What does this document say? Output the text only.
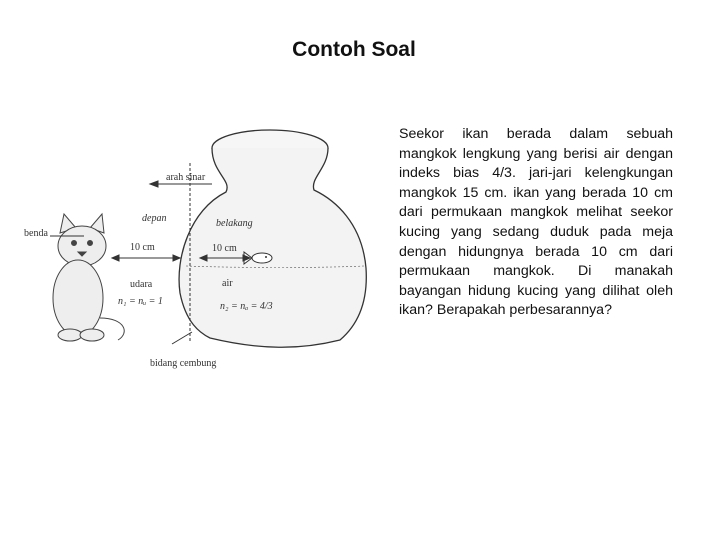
Contoh Soal
arah sinar
depan	belakang
benda
10 cm	10 cm
udara
n₁ = nᵤ = 1
air
n₂ = nₐ = 4/3
bidang cembung
Seekor ikan berada dalam sebuah mangkok lengkung yang berisi air dengan indeks bias 4/3. jari-jari kelengkungan mangkok 15 cm. ikan yang berada 10 cm dari permukaan mangkok melihat seekor kucing yang sedang duduk pada meja dengan hidungnya berada 10 cm dari permukaan mangkok. Di manakah bayangan hidung kucing yang dilihat oleh ikan? Berapakah perbesarannya?
